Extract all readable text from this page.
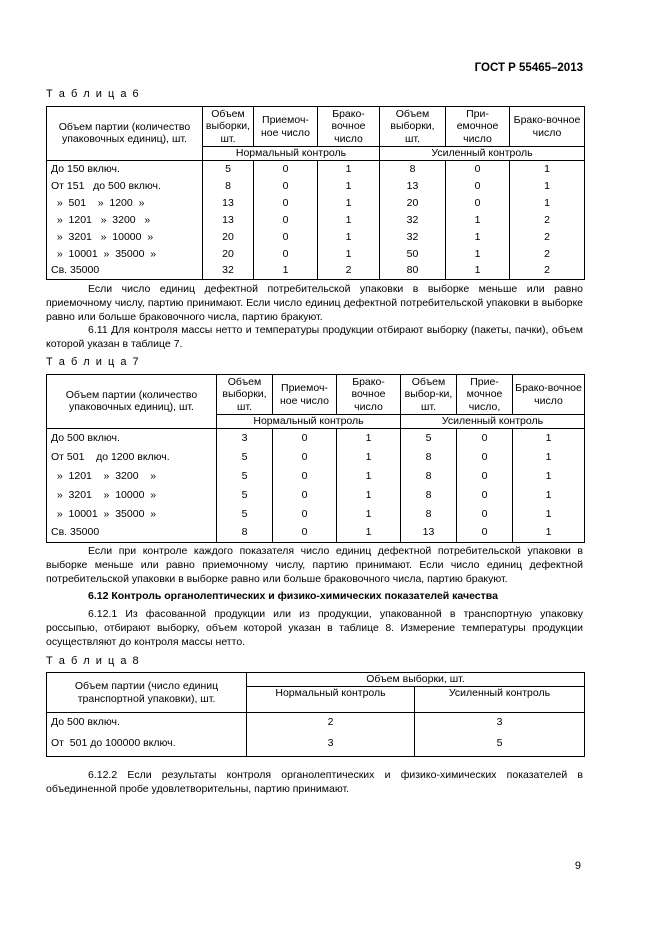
ГОСТ Р 55465–2013
Т а б л и ц а 6
Объем партии (количество упаковочных единиц), шт.	Объем выборки, шт.	Приемоч-ное число	Брако-вочное число	Объем выборки, шт.	При-емочное число	Брако-вочное число
	Нормальный контроль			Усиленный контроль		
До 150 включ.	5	0	1	8	0	1
От 151   до 500 включ.	8	0	1	13	0	1
»  501    »  1200  »	13	0	1	20	0	1
»  1201   »  3200   »	13	0	1	32	1	2
»  3201   »  10000  »	20	0	1	32	1	2
»  10001  »  35000  »	20	0	1	50	1	2
Св. 35000	32	1	2	80	1	2
Если число единиц дефектной потребительской упаковки в выборке меньше или равно приемочному числу, партию принимают. Если число единиц дефектной потребительской упаковки в выборке равно или больше браковочного числа, партию бракуют.
6.11 Для контроля массы нетто и температуры продукции отбирают выборку (пакеты, пачки), объем которой указан в таблице 7.
Т а б л и ц а 7
Объем партии (количество упаковочных единиц), шт.	Объем выборки, шт.	Приемоч-ное число	Брако-вочное число	Объем выбор-ки, шт.	Прие-мочное число,	Брако-вочное число
	Нормальный контроль			Усиленный контроль		
До 500 включ.	3	0	1	5	0	1
От 501    до 1200 включ.	5	0	1	8	0	1
»  1201    »  3200    »	5	0	1	8	0	1
»  3201    »  10000  »	5	0	1	8	0	1
»  10001  »  35000  »	5	0	1	8	0	1
Св. 35000	8	0	1	13	0	1
Если при контроле каждого показателя число единиц дефектной потребительской упаковки в выборке меньше или равно приемочному числу, партию принимают. Если число единиц дефектной потребительской упаковки в выборке равно или больше браковочного числа, партию бракуют.
6.12 Контроль органолептических и физико-химических показателей качества
6.12.1 Из фасованной продукции или из продукции, упакованной в транспортную упаковку россыпью, отбирают выборку, объем которой указан в таблице 8. Измерение температуры продукции осуществляют до контроля массы нетто.
Т а б л и ц а 8
Объем партии (число единиц транспортной упаковки), шт.	Объем выборки, шт.	
	Нормальный контроль	Усиленный контроль
До 500 включ.	2	3
От  501 до 100000 включ.	3	5
6.12.2 Если результаты контроля органолептических и физико-химических показателей в объединенной пробе удовлетворительны, партию принимают.
9
